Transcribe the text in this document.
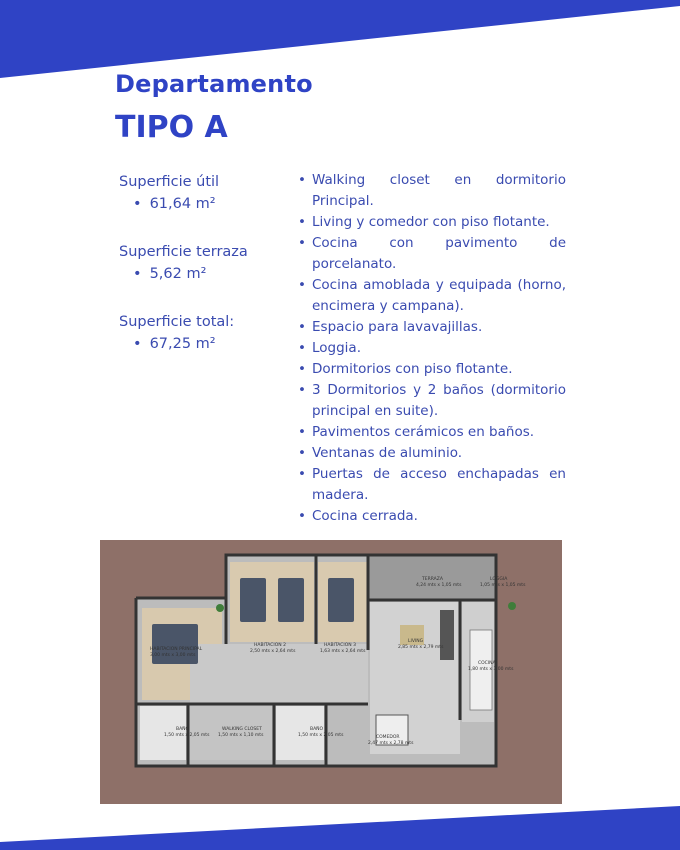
Departamento
TIPO A
Superficie útil
• 61,64 m²
Superficie terraza
• 5,62 m²
Superficie total:
• 67,25 m²
• Walking closet en dormitorio Principal.
• Living y comedor con piso flotante.
• Cocina con pavimento de porcelanato.
• Cocina amoblada y equipada (horno, encimera y campana).
• Espacio para lavavajillas.
• Loggia.
• Dormitorios con piso flotante.
• 3 Dormitorios y 2 baños (dormitorio principal en suite).
• Pavimentos cerámicos en baños.
• Ventanas de aluminio.
• Puertas de acceso enchapadas en madera.
• Cocina cerrada.
HABITACION PRINCIPAL
3,00 mts x 3,00 mts
HABITACION 2
2,50 mts x 2,64 mts
HABITACION 3
1,63 mts x 2,64 mts
TERRAZA
4,24 mts x 1,05 mts
LOGGIA
1,05 mts x 1,05 mts
LIVING
2,85 mts x 2,79 mts
COCINA
1,80 mts x 3,00 mts
BAÑO
1,50 mts x 2,05 mts
WALKING CLOSET
1,50 mts x 1,10 mts
BAÑO
1,50 mts x 2,05 mts	COMEDOR
2,47 mts x 2,78 mts
